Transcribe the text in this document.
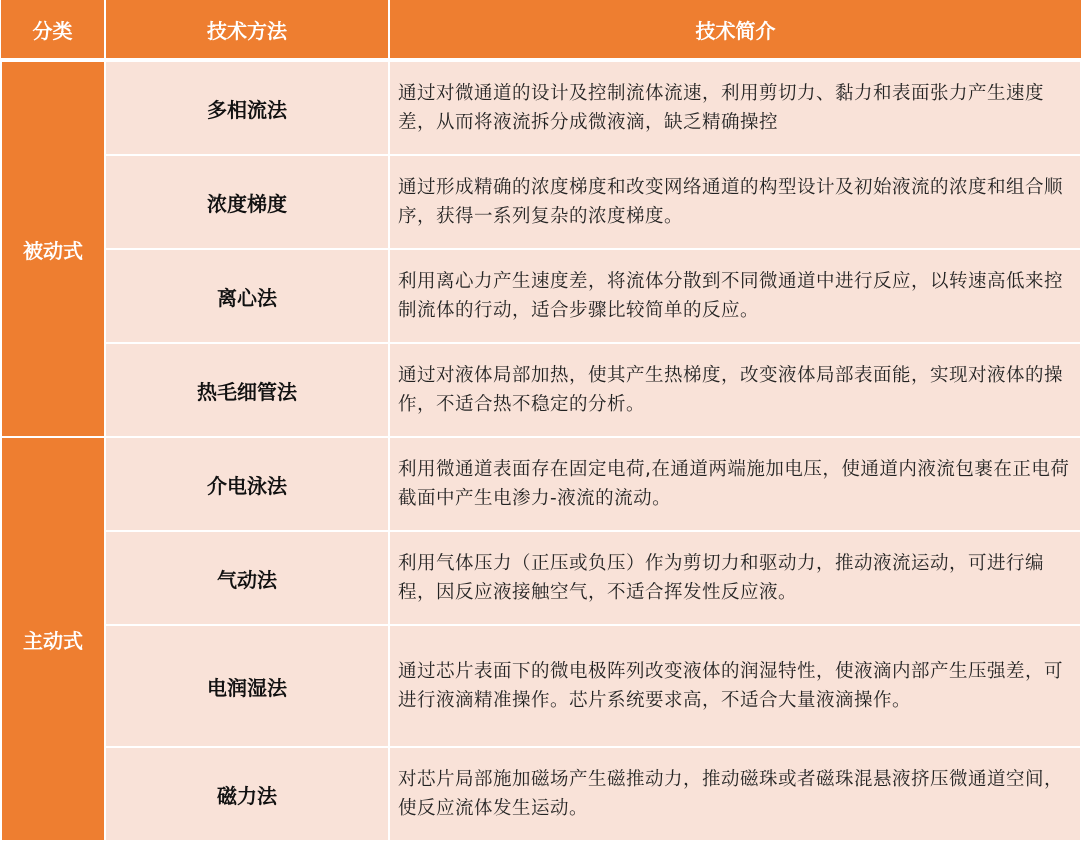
分类	技术方法	技术简介
被动式	多相流法	通过对微通道的设计及控制流体流速，利用剪切力、黏力和表面张力产生速度差，从而将液流拆分成微液滴，缺乏精确操控
	浓度梯度	通过形成精确的浓度梯度和改变网络通道的构型设计及初始液流的浓度和组合顺序，获得一系列复杂的浓度梯度。
	离心法	利用离心力产生速度差，将流体分散到不同微通道中进行反应，以转速高低来控制流体的行动，适合步骤比较简单的反应。
	热毛细管法	通过对液体局部加热，使其产生热梯度，改变液体局部表面能，实现对液体的操作，不适合热不稳定的分析。
主动式	介电泳法	利用微通道表面存在固定电荷,在通道两端施加电压，使通道内液流包裹在正电荷截面中产生电渗力-液流的流动。
	气动法	利用气体压力（正压或负压）作为剪切力和驱动力，推动液流运动，可进行编程，因反应液接触空气，不适合挥发性反应液。
	电润湿法	通过芯片表面下的微电极阵列改变液体的润湿特性，使液滴内部产生压强差，可进行液滴精准操作。芯片系统要求高，不适合大量液滴操作。
	磁力法	对芯片局部施加磁场产生磁推动力，推动磁珠或者磁珠混悬液挤压微通道空间，使反应流体发生运动。
